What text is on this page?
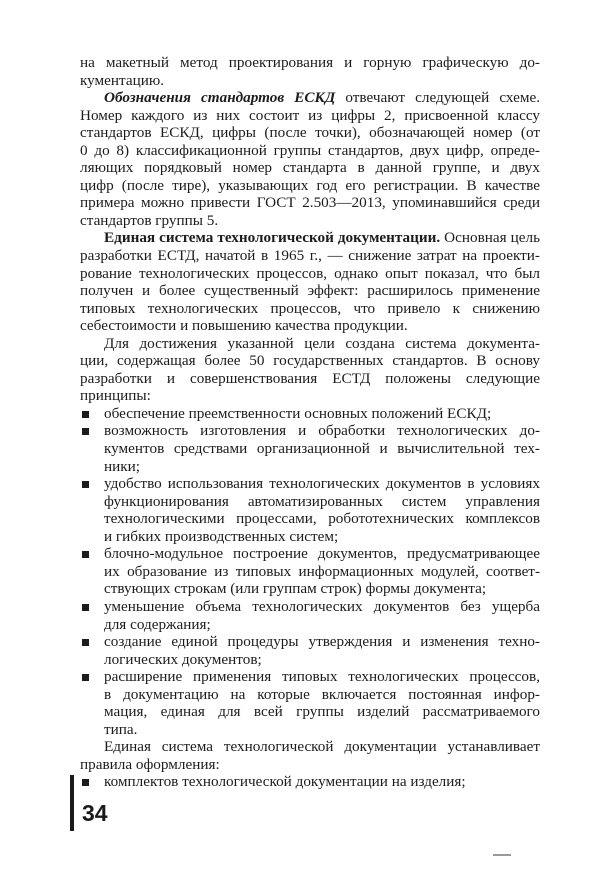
на макетный метод проектирования и горную графическую до-
кументацию.
Обозначения стандартов ЕСКД отвечают следующей схеме.
Номер каждого из них состоит из цифры 2, присвоенной классу
стандартов ЕСКД, цифры (после точки), обозначающей номер (от
0 до 8) классификационной группы стандартов, двух цифр, опреде-
ляющих порядковый номер стандарта в данной группе, и двух
цифр (после тире), указывающих год его регистрации. В качестве
примера можно привести ГОСТ 2.503—2013, упоминавшийся среди
стандартов группы 5.
Единая система технологической документации. Основная цель
разработки ЕСТД, начатой в 1965 г., — снижение затрат на проекти-
рование технологических процессов, однако опыт показал, что был
получен и более существенный эффект: расширилось применение
типовых технологических процессов, что привело к снижению
себестоимости и повышению качества продукции.
Для достижения указанной цели создана система документа-
ции, содержащая более 50 государственных стандартов. В основу
разработки и совершенствования ЕСТД положены следующие
принципы:
обеспечение преемственности основных положений ЕСКД;
возможность изготовления и обработки технологических до-
кументов средствами организационной и вычислительной тех-
ники;
удобство использования технологических документов в условиях
функционирования автоматизированных систем управления
технологическими процессами, робототехнических комплексов
и гибких производственных систем;
блочно-модульное построение документов, предусматривающее
их образование из типовых информационных модулей, соответ-
ствующих строкам (или группам строк) формы документа;
уменьшение объема технологических документов без ущерба
для содержания;
создание единой процедуры утверждения и изменения техно-
логических документов;
расширение применения типовых технологических процессов,
в документацию на которые включается постоянная инфор-
мация, единая для всей группы изделий рассматриваемого
типа.
Единая система технологической документации устанавливает
правила оформления:
комплектов технологической документации на изделия;
34
